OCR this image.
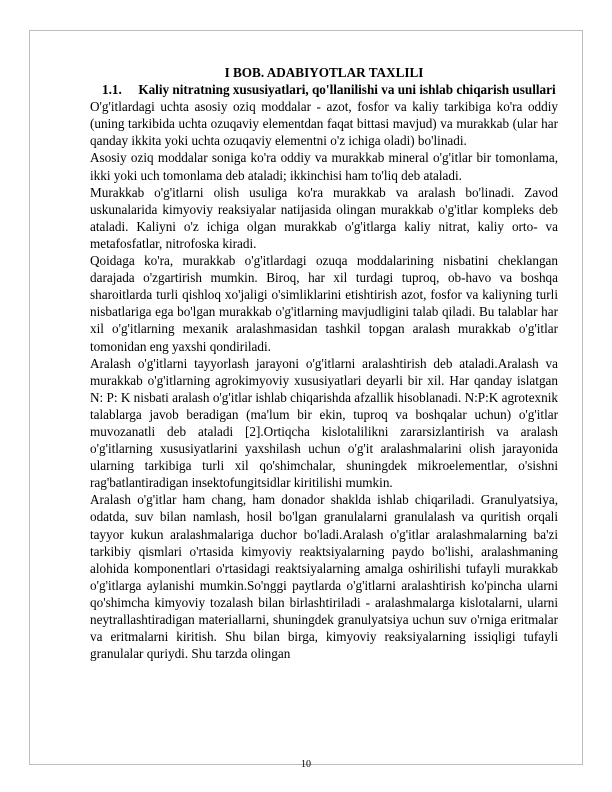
I BOB. ADABIYOTLAR TAXLILI
1.1.	Kaliy nitratning xususiyatlari, qo'llanilishi va uni ishlab chiqarish usullari

O'g'itlardagi uchta asosiy oziq moddalar - azot, fosfor va kaliy tarkibiga ko'ra oddiy (uning tarkibida uchta ozuqaviy elementdan faqat bittasi mavjud) va murakkab (ular har qanday ikkita yoki uchta ozuqaviy elementni o'z ichiga oladi) bo'linadi.

Asosiy oziq moddalar soniga ko'ra oddiy va murakkab mineral o'g'itlar bir tomonlama, ikki yoki uch tomonlama deb ataladi; ikkinchisi ham to'liq deb ataladi.

Murakkab o'g'itlarni olish usuliga ko'ra murakkab va aralash bo'linadi. Zavod uskunalarida kimyoviy reaksiyalar natijasida olingan murakkab o'g'itlar kompleks deb ataladi. Kaliyni o'z ichiga olgan murakkab o'g'itlarga kaliy nitrat, kaliy orto- va metafosfatlar, nitrofoska kiradi.

Qoidaga ko'ra, murakkab o'g'itlardagi ozuqa moddalarining nisbatini cheklangan darajada o'zgartirish mumkin. Biroq, har xil turdagi tuproq, ob-havo va boshqa sharoitlarda turli qishloq xo'jaligi o'simliklarini etishtirish azot, fosfor va kaliyning turli nisbatlariga ega bo'lgan murakkab o'g'itlarning mavjudligini talab qiladi. Bu talablar har xil o'g'itlarning mexanik aralashmasidan tashkil topgan aralash murakkab o'g'itlar tomonidan eng yaxshi qondiriladi.

Aralash o'g'itlarni tayyorlash jarayoni o'g'itlarni aralashtirish deb ataladi.Aralash va murakkab o'g'itlarning agrokimyoviy xususiyatlari deyarli bir xil. Har qanday islatgan N: P: K nisbati aralash o'g'itlar ishlab chiqarishda afzallik hisoblanadi. N:P:K agrotexnik talablarga javob beradigan (ma'lum bir ekin, tuproq va boshqalar uchun) o'g'itlar muvozanatli deb ataladi [2].Ortiqcha kislotalilikni zararsizlantirish va aralash o'g'itlarning xususiyatlarini yaxshilash uchun o'g'it aralashmalarini olish jarayonida ularning tarkibiga turli xil qo'shimchalar, shuningdek mikroelementlar, o'sishni rag'batlantiradigan insektofungitsidlar kiritilishi mumkin.

Aralash o'g'itlar ham chang, ham donador shaklda ishlab chiqariladi. Granulyatsiya, odatda, suv bilan namlash, hosil bo'lgan granulalarni granulalash va quritish orqali tayyor kukun aralashmalariga duchor bo'ladi.Aralash o'g'itlar aralashmalarning ba'zi tarkibiy qismlari o'rtasida kimyoviy reaktsiyalarning paydo bo'lishi, aralashmaning alohida komponentlari o'rtasidagi reaktsiyalarning amalga oshirilishi tufayli murakkab o'g'itlarga aylanishi mumkin.So'nggi paytlarda o'g'itlarni aralashtirish ko'pincha ularni qo'shimcha kimyoviy tozalash bilan birlashtiriladi - aralashmalarga kislotalarni, ularni neytrallashtiradigan materiallarni, shuningdek granulyatsiya uchun suv o'rniga eritmalar va eritmalarni kiritish. Shu bilan birga, kimyoviy reaksiyalarning issiqligi tufayli granulalar quriydi. Shu tarzda olingan

10
